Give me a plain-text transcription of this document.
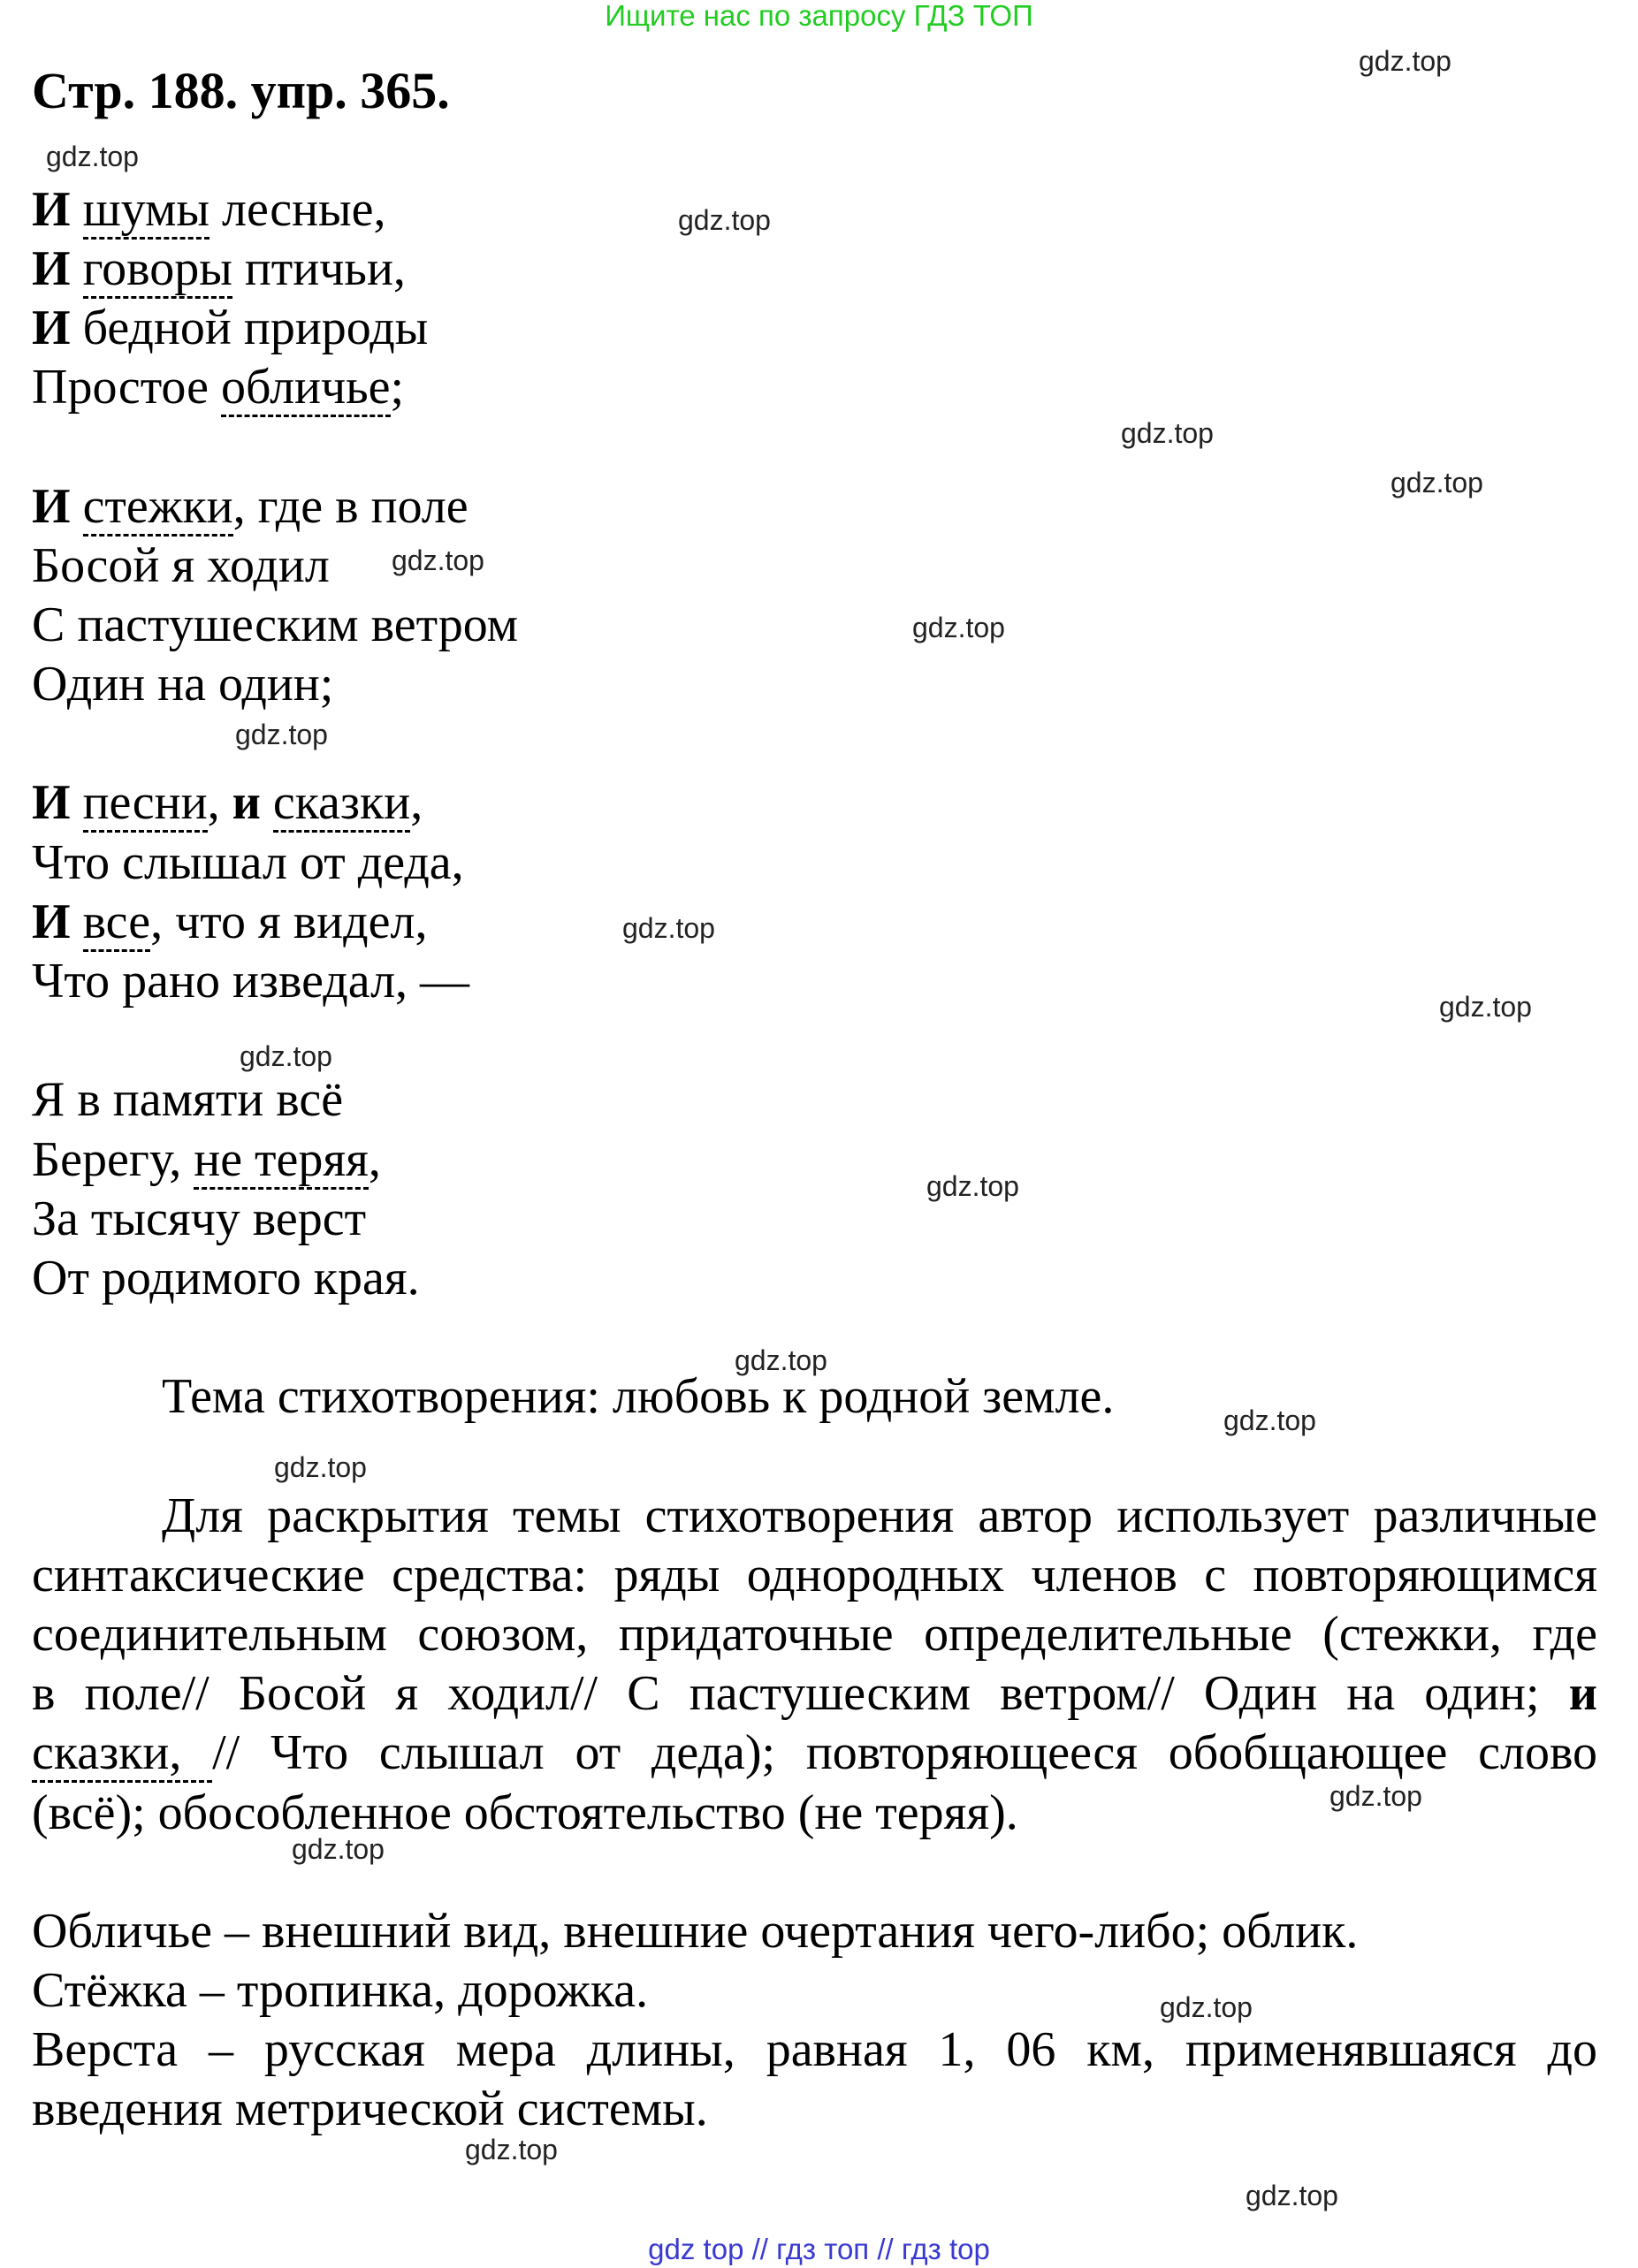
Ищите нас по запросу ГДЗ ТОП
Стр. 188. упр. 365.
И шумы лесные,
И говоры птичьи,
И бедной природы
Простое обличье;
И стежки, где в поле
Босой я ходил
С пастушеским ветром
Один на один;
И песни, и сказки,
Что слышал от деда,
И все, что я видел,
Что рано изведал, —
Я в памяти всё
Берегу, не теряя,
За тысячу верст
От родимого края.
Тема стихотворения: любовь к родной земле.
Для раскрытия темы стихотворения автор использует различные
синтаксические средства: ряды однородных членов с повторяющимся
соединительным союзом, придаточные определительные (стежки, где
в поле// Босой я ходил// С пастушеским ветром// Один на один; и
сказки, // Что слышал от деда); повторяющееся обобщающее слово
(всё); обособленное обстоятельство (не теряя).
Обличье – внешний вид, внешние очертания чего-либо; облик.
Стёжка – тропинка, дорожка.
Верста – русская мера длины, равная 1, 06 км, применявшаяся до
введения метрической системы.
gdz.top
gdz.top
gdz.top
gdz.top
gdz.top
gdz.top
gdz.top
gdz.top
gdz.top
gdz.top
gdz.top
gdz.top
gdz.top
gdz.top
gdz.top
gdz.top
gdz.top
gdz.top
gdz.top
gdz.top
gdz top // гдз топ // гдз top
